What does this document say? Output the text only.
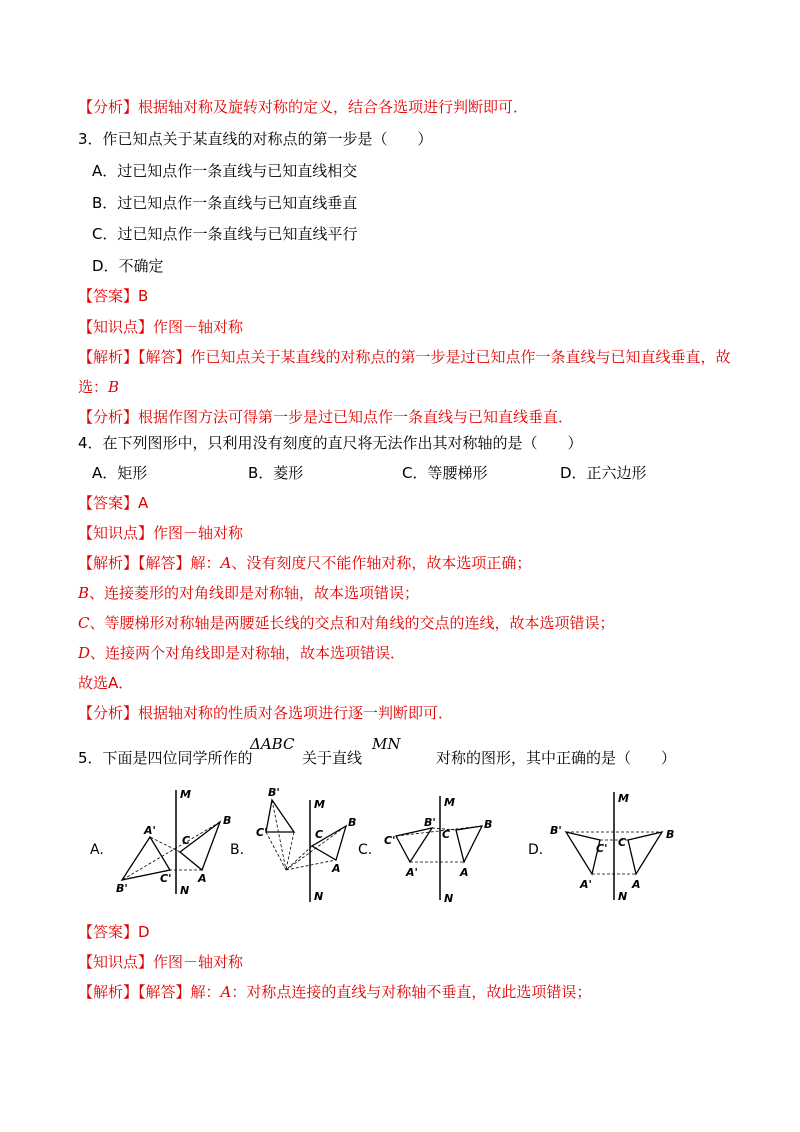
【分析】根据轴对称及旋转对称的定义，结合各选项进行判断即可．
3．作已知点关于某直线的对称点的第一步是（　　）
A．过已知点作一条直线与已知直线相交
B．过已知点作一条直线与已知直线垂直
C．过已知点作一条直线与已知直线平行
D．不确定
【答案】B
【知识点】作图－轴对称
【解析】【解答】作已知点关于某直线的对称点的第一步是过已知点作一条直线与已知直线垂直，故
选：B
【分析】根据作图方法可得第一步是过已知点作一条直线与已知直线垂直．
4．在下列图形中，只利用没有刻度的直尺将无法作出其对称轴的是（　　）
A．矩形	B．菱形	C．等腰梯形	D．正六边形
【答案】A
【知识点】作图－轴对称
【解析】【解答】解：A、没有刻度尺不能作轴对称，故本选项正确；
B、连接菱形的对角线即是对称轴，故本选项错误；
C、等腰梯形对称轴是两腰延长线的交点和对角线的交点的连线，故本选项错误；
D、连接两个对角线即是对称轴，故本选项错误．
故选A．
【分析】根据轴对称的性质对各选项进行逐一判断即可．
5．下面是四位同学所作的
ΔABC
关于直线
MN
对称的图形，其中正确的是（　　）
A.	B.	C.	D.
M
N
B
C
A
A'
C'
B'
M
N
B'
C'	C
B
A
M
N
B
C
A
B'
C'
A'
M
N
B
C
A
B'
C'
A'
【答案】D
【知识点】作图－轴对称
【解析】【解答】解：A：对称点连接的直线与对称轴不垂直，故此选项错误；
